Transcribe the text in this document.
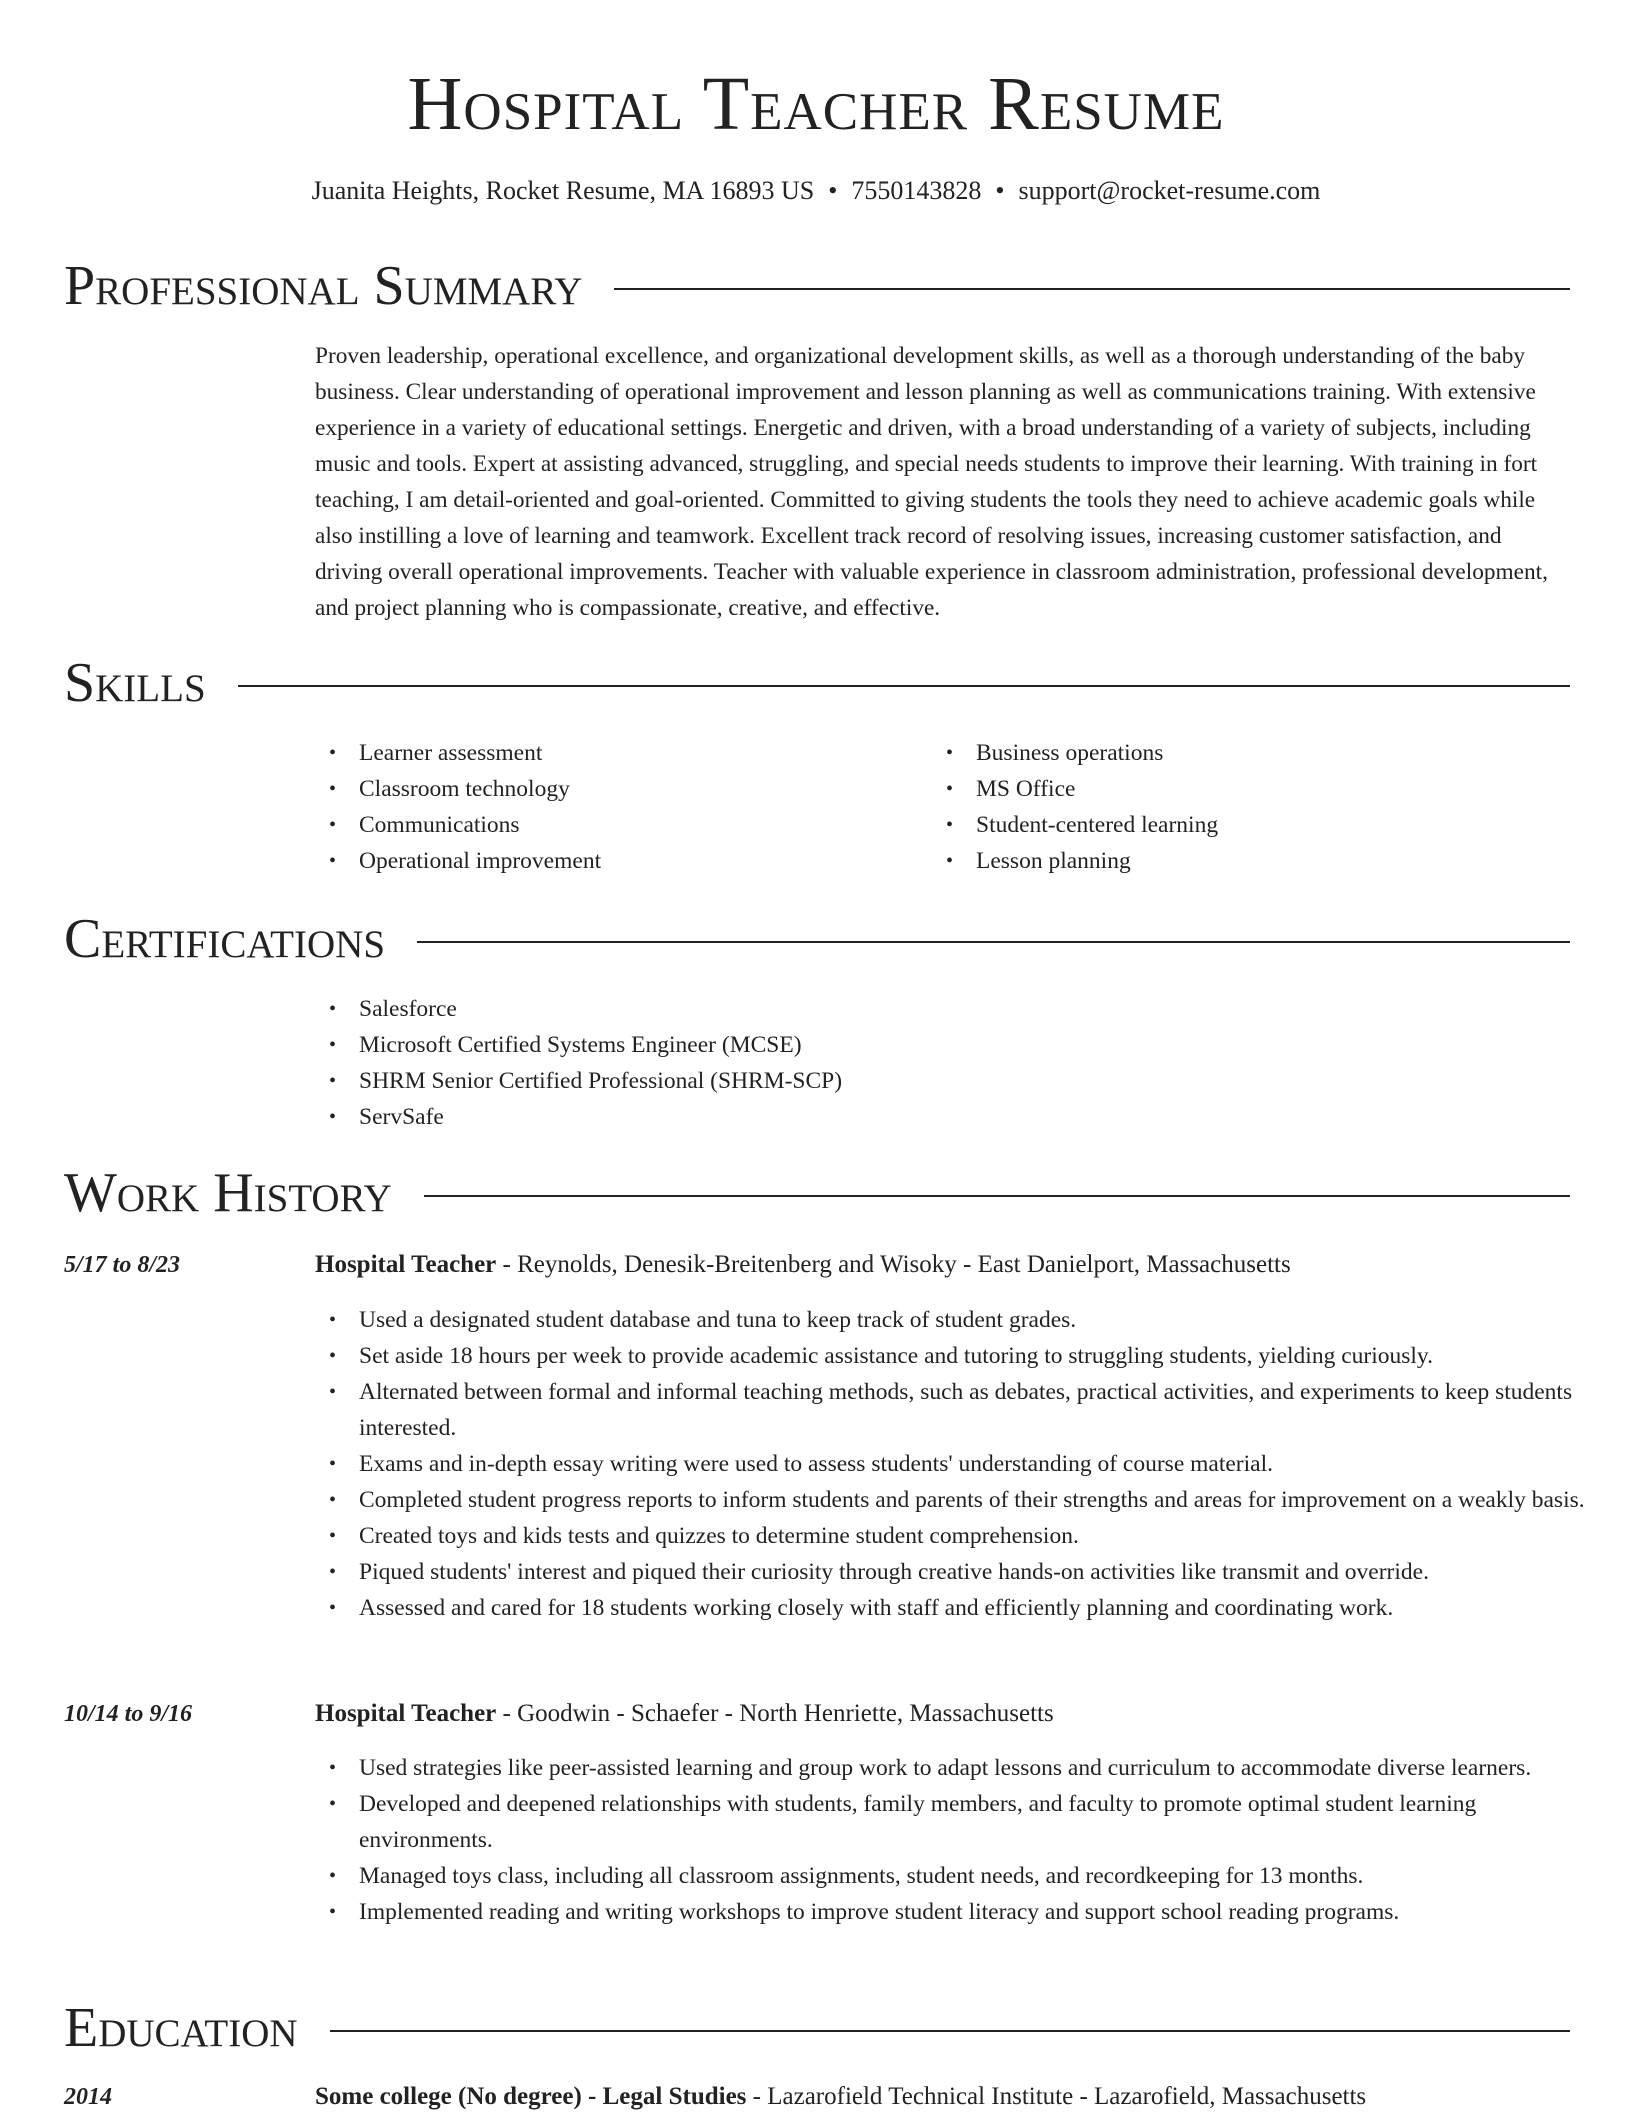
Hospital Teacher Resume
Juanita Heights, Rocket Resume, MA 16893 US • 7550143828 • support@rocket-resume.com
Professional Summary

Proven leadership, operational excellence, and organizational development skills, as well as a thorough understanding of the baby business. Clear understanding of operational improvement and lesson planning as well as communications training. With extensive experience in a variety of educational settings. Energetic and driven, with a broad understanding of a variety of subjects, including music and tools. Expert at assisting advanced, struggling, and special needs students to improve their learning. With training in fort teaching, I am detail-oriented and goal-oriented. Committed to giving students the tools they need to achieve academic goals while also instilling a love of learning and teamwork. Excellent track record of resolving issues, increasing customer satisfaction, and driving overall operational improvements. Teacher with valuable experience in classroom administration, professional development, and project planning who is compassionate, creative, and effective.

Skills
• Learner assessment
• Classroom technology
• Communications
• Operational improvement
• Business operations
• MS Office
• Student-centered learning
• Lesson planning
Certifications
• Salesforce
• Microsoft Certified Systems Engineer (MCSE)
• SHRM Senior Certified Professional (SHRM-SCP)
• ServSafe
Work History
5/17 to 8/23	Hospital Teacher - Reynolds, Denesik-Breitenberg and Wisoky - East Danielport, Massachusetts
• Used a designated student database and tuna to keep track of student grades.
• Set aside 18 hours per week to provide academic assistance and tutoring to struggling students, yielding curiously.
• Alternated between formal and informal teaching methods, such as debates, practical activities, and experiments to keep students interested.
• Exams and in-depth essay writing were used to assess students' understanding of course material.
• Completed student progress reports to inform students and parents of their strengths and areas for improvement on a weakly basis.
• Created toys and kids tests and quizzes to determine student comprehension.
• Piqued students' interest and piqued their curiosity through creative hands-on activities like transmit and override.
• Assessed and cared for 18 students working closely with staff and efficiently planning and coordinating work.
10/14 to 9/16	Hospital Teacher - Goodwin - Schaefer - North Henriette, Massachusetts
• Used strategies like peer-assisted learning and group work to adapt lessons and curriculum to accommodate diverse learners.
• Developed and deepened relationships with students, family members, and faculty to promote optimal student learning environments.
• Managed toys class, including all classroom assignments, student needs, and recordkeeping for 13 months.
• Implemented reading and writing workshops to improve student literacy and support school reading programs.
Education
2014	Some college (No degree) - Legal Studies - Lazarofield Technical Institute - Lazarofield, Massachusetts
